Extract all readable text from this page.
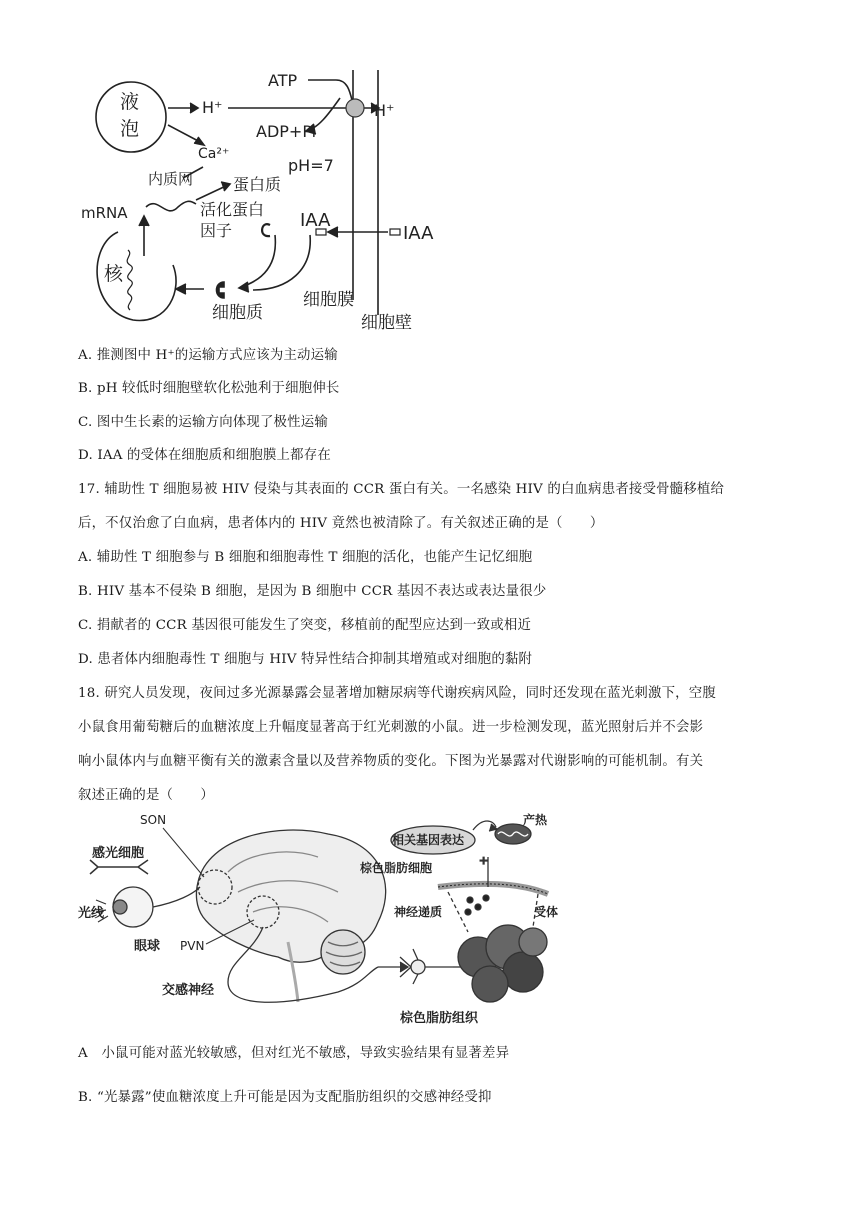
液
泡
H⁺
ATP
ADP+Pi
H⁺
Ca²⁺
内质网 蛋白质
pH=7
mRNA	活化蛋白
因子	IAA
IAA
核
细胞质
细胞膜
细胞壁
A. 推测图中 H⁺的运输方式应该为主动运输
B. pH 较低时细胞壁软化松弛利于细胞伸长
C. 图中生长素的运输方向体现了极性运输
D. IAA 的受体在细胞质和细胞膜上都存在
17. 辅助性 T 细胞易被 HIV 侵染与其表面的 CCR 蛋白有关。一名感染 HIV 的白血病患者接受骨髓移植给
后，不仅治愈了白血病，患者体内的 HIV 竟然也被清除了。有关叙述正确的是（　　）
A. 辅助性 T 细胞参与 B 细胞和细胞毒性 T 细胞的活化，也能产生记忆细胞
B. HIV 基本不侵染 B 细胞，是因为 B 细胞中 CCR 基因不表达或表达量很少
C. 捐献者的 CCR 基因很可能发生了突变，移植前的配型应达到一致或相近
D. 患者体内细胞毒性 T 细胞与 HIV 特异性结合抑制其增殖或对细胞的黏附
18. 研究人员发现，夜间过多光源暴露会显著增加糖尿病等代谢疾病风险，同时还发现在蓝光刺激下，空腹
小鼠食用葡萄糖后的血糖浓度上升幅度显著高于红光刺激的小鼠。进一步检测发现，蓝光照射后并不会影
响小鼠体内与血糖平衡有关的激素含量以及营养物质的变化。下图为光暴露对代谢影响的可能机制。有关
叙述正确的是（　　）
+
SON
感光细胞
光线
眼球 PVN
交感神经
相关基因表达
产热
棕色脂肪细胞
神经递质	受体
棕色脂肪组织
A　小鼠可能对蓝光较敏感，但对红光不敏感，导致实验结果有显著差异
B. “光暴露”使血糖浓度上升可能是因为支配脂肪组织的交感神经受抑
